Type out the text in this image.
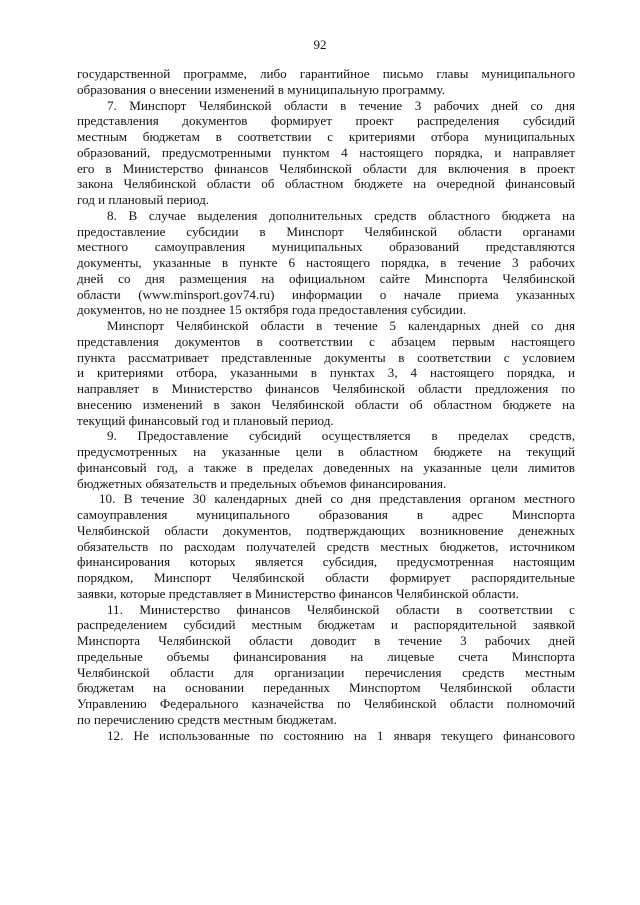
92
государственной программе, либо гарантийное письмо главы муниципального
образования о внесении изменений в муниципальную программу.
7. Минспорт Челябинской области в течение 3 рабочих дней со дня
представления документов формирует проект распределения субсидий
местным бюджетам в соответствии с критериями отбора муниципальных
образований, предусмотренными пунктом 4 настоящего порядка, и направляет
его в Министерство финансов Челябинской области для включения в проект
закона Челябинской области об областном бюджете на очередной финансовый
год и плановый период.
8. В случае выделения дополнительных средств областного бюджета на
предоставление субсидии в Минспорт Челябинской области органами
местного самоуправления муниципальных образований представляются
документы, указанные в пункте 6 настоящего порядка, в течение 3 рабочих
дней со дня размещения на официальном сайте Минспорта Челябинской
области (www.minsport.gov74.ru) информации о начале приема указанных
документов, но не позднее 15 октября года предоставления субсидии.
Минспорт Челябинской области в течение 5 календарных дней со дня
представления документов в соответствии с абзацем первым настоящего
пункта рассматривает представленные документы в соответствии с условием
и критериями отбора, указанными в пунктах 3, 4 настоящего порядка, и
направляет в Министерство финансов Челябинской области предложения по
внесению изменений в закон Челябинской области об областном бюджете на
текущий финансовый год и плановый период.
9. Предоставление субсидий осуществляется в пределах средств,
предусмотренных на указанные цели в областном бюджете на текущий
финансовый год, а также в пределах доведенных на указанные цели лимитов
бюджетных обязательств и предельных объемов финансирования.
10. В течение 30 календарных дней со дня представления органом местного
самоуправления муниципального образования в адрес Минспорта
Челябинской области документов, подтверждающих возникновение денежных
обязательств по расходам получателей средств местных бюджетов, источником
финансирования которых является субсидия, предусмотренная настоящим
порядком, Минспорт Челябинской области формирует распорядительные
заявки, которые представляет в Министерство финансов Челябинской области.
11. Министерство финансов Челябинской области в соответствии с
распределением субсидий местным бюджетам и распорядительной заявкой
Минспорта Челябинской области доводит в течение 3 рабочих дней
предельные объемы финансирования на лицевые счета Минспорта
Челябинской области для организации перечисления средств местным
бюджетам на основании переданных Минспортом Челябинской области
Управлению Федерального казначейства по Челябинской области полномочий
по перечислению средств местным бюджетам.
12. Не использованные по состоянию на 1 января текущего финансового
